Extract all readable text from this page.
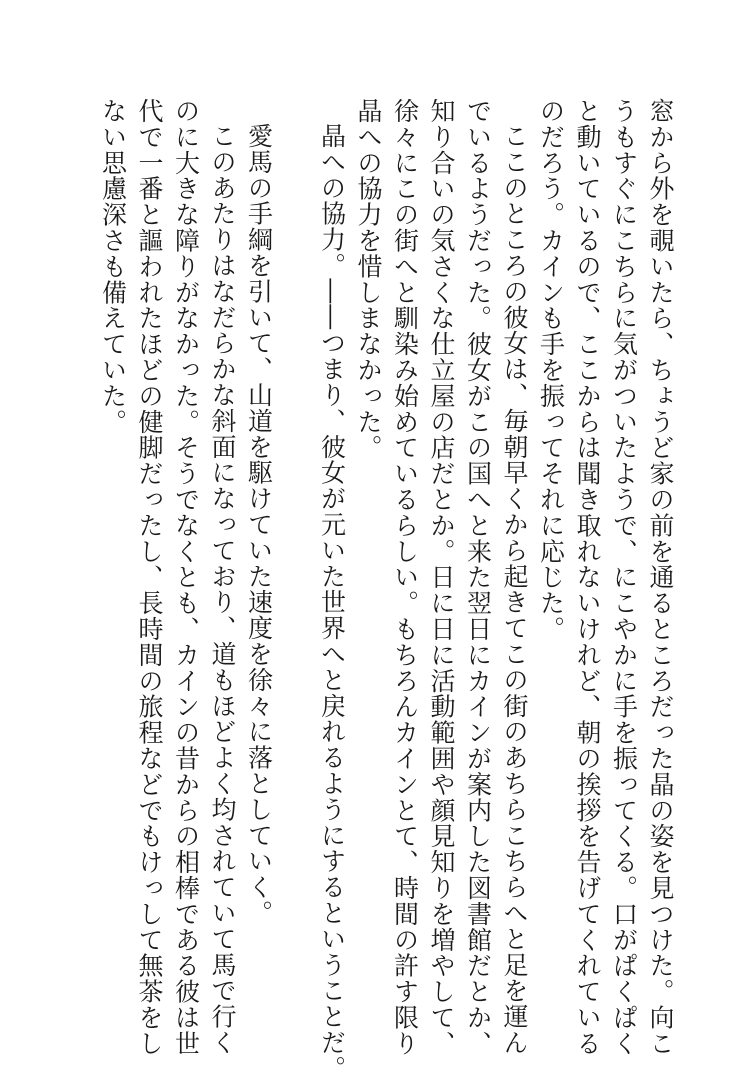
窓から外を覗いたら、ちょうど家の前を通るところだった晶の姿を見つけた。向こ
うもすぐにこちらに気がついたようで、にこやかに手を振ってくる。口がぱくぱく
と動いているので、ここからは聞き取れないけれど、朝の挨拶を告げてくれている
のだろう。カインも手を振ってそれに応じた。
ここのところの彼女は、毎朝早くから起きてこの街のあちらこちらへと足を運ん
でいるようだった。彼女がこの国へと来た翌日にカインが案内した図書館だとか、
知り合いの気さくな仕立屋の店だとか。日に日に活動範囲や顔見知りを増やして、
徐々にこの街へと馴染み始めているらしい。もちろんカインとて、時間の許す限り
晶への協力を惜しまなかった。
晶への協力。――つまり、彼女が元いた世界へと戻れるようにするということだ。
愛馬の手綱を引いて、山道を駆けていた速度を徐々に落としていく。
このあたりはなだらかな斜面になっており、道もほどよく均されていて馬で行く
のに大きな障りがなかった。そうでなくとも、カインの昔からの相棒である彼は世
代で一番と謳われたほどの健脚だったし、長時間の旅程などでもけっして無茶をし
ない思慮深さも備えていた。
